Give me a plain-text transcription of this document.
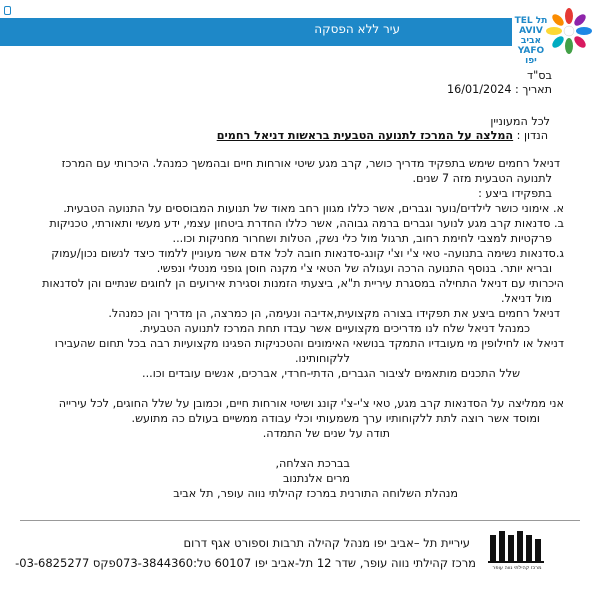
עיר ללא הפסקה
TEL תל
AVIV אביב
YAFO יפו
בס"ד
תאריך : 16/01/2024
לכל המעוניין
הנדון : המלצה על המרכז לתנועה הטבעית בראשות דניאל רחמים
דניאל רחמים שימש בתפקיד מדריך כושר, קרב מגע שיטי אורחות חיים ובהמשך כמנהל. היכרותי עם המרכז
לתנועה הטבעית מזה 7 שנים.
בתפקידו ביצע :
א. אימוני כושר לילדים/נוער וגברים, אשר כללו מגוון רחב מאוד של תנועות המבוססים על התנועה הטבעית.
ב. סדנאות קרב מגע לנוער וגברים ברמה גבוהה, אשר כללו החדרת ביטחון עצמי, ידע מעשי ותאורתי, טכניקות
פרקטיות למצבי לחימת רחוב, תרגול מול כלי נשק, הטלות ושחרור מחניקות וכו...
ג.סדנאות נשימה בתנועה- טאי צ'י וצ'י קונג-סדנאות חובה לכל אדם אשר מעוניין ללמוד כיצד לנשום נכון/עמוק
ובריא יותר. בנוסף התנועה הרכה ועגולה של הטאי צ'י מקנה חוסן גופני מנטלי ונפשי.
היכרותי עם דניאל התחילה במסגרת עיריית ת"א, ביצעתי הזמנות וסגירת אירועים הן לחוגים שנתיים והן לסדנאות
מול דניאל.
דניאל רחמים ביצע את תפקידו בצורה מקצועית,אדיבה ונעימה, הן כמרצה, הן מדריך והן כמנהל.
כמנהל דניאל שלח לנו מדריכים מקצועיים אשר עבדו תחת המרכז לתנועה הטבעית.
דניאל או לחילופין מי מעובדיו התמקד בנושאי האימונים והטכניקות הפגינו מקצועיות רבה בכל תחום שהעבירו
ללקוחותינו.
שלל התכנים מותאמים לציבור הגברים, הדתי-חרדי, אברכים, אנשים עובדים וכו...
אני ממליצה על הסדנאות קרב מגע, טאי צ'י-צ'י קונג ושיטי אורחות חיים, וכמובן על שלל החוגים, לכל עירייה
ומוסד אשר רוצה לתת ללקוחותיו ערך משמעותי וכלי עבודה ממשיים בעולם כה מתועש.
תודה על שנים של התמדה.
בברכת הצלחה,
מרים אלנתנוב
מנהלת השלוחה התורנית במרכז קהילתי נווה עופר, תל אביב
עיריית תל –אביב יפו מנהל קהילה תרבות וספורט אגף דרום
מרכז קהילתי נווה עופר, שדר 12 תל-אביב יפו 60107 טל:073-3844360פקס 03-6825277-	מרכז קהילתי נווה עופר
